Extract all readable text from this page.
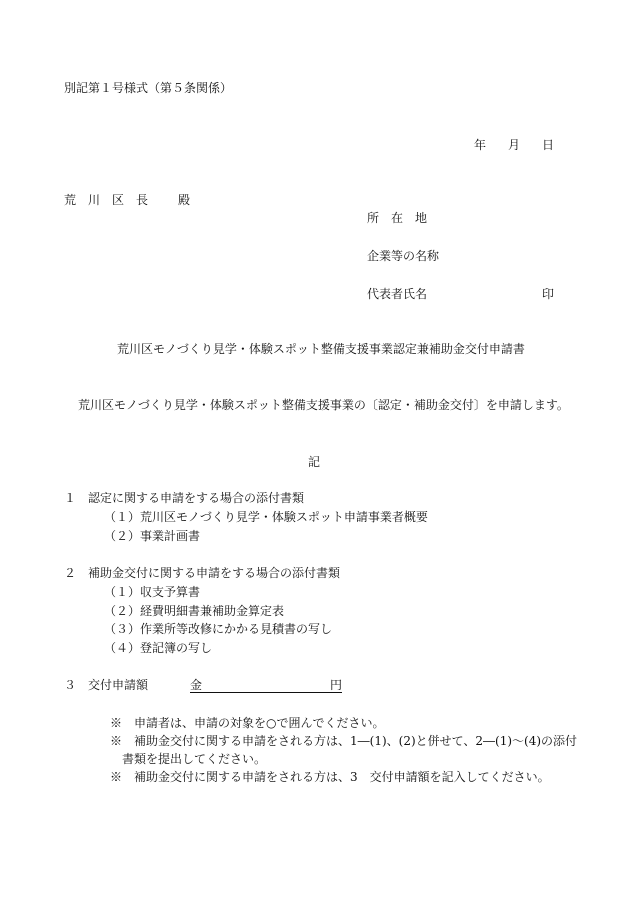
別記第１号様式（第５条関係）
年 月 日
荒　川　区　長 殿
所　在　地
企業等の名称
代表者氏名	印
荒川区モノづくり見学・体験スポット整備支援事業認定兼補助金交付申請書
荒川区モノづくり見学・体験スポット整備支援事業の〔認定・補助金交付〕を申請します。
記
１　認定に関する申請をする場合の添付書類
（１）荒川区モノづくり見学・体験スポット申請事業者概要
（２）事業計画書
２　補助金交付に関する申請をする場合の添付書類
（１）収支予算書
（２）経費明細書兼補助金算定表
（３）作業所等改修にかかる見積書の写し
（４）登記簿の写し
３　交付申請額	金	円
※　申請者は、申請の対象を○で囲んでください。
※　補助金交付に関する申請をされる方は、1―(1)、(2)と併せて、2―(1)～(4)の添付
書類を提出してください。
※　補助金交付に関する申請をされる方は、3　交付申請額を記入してください。
